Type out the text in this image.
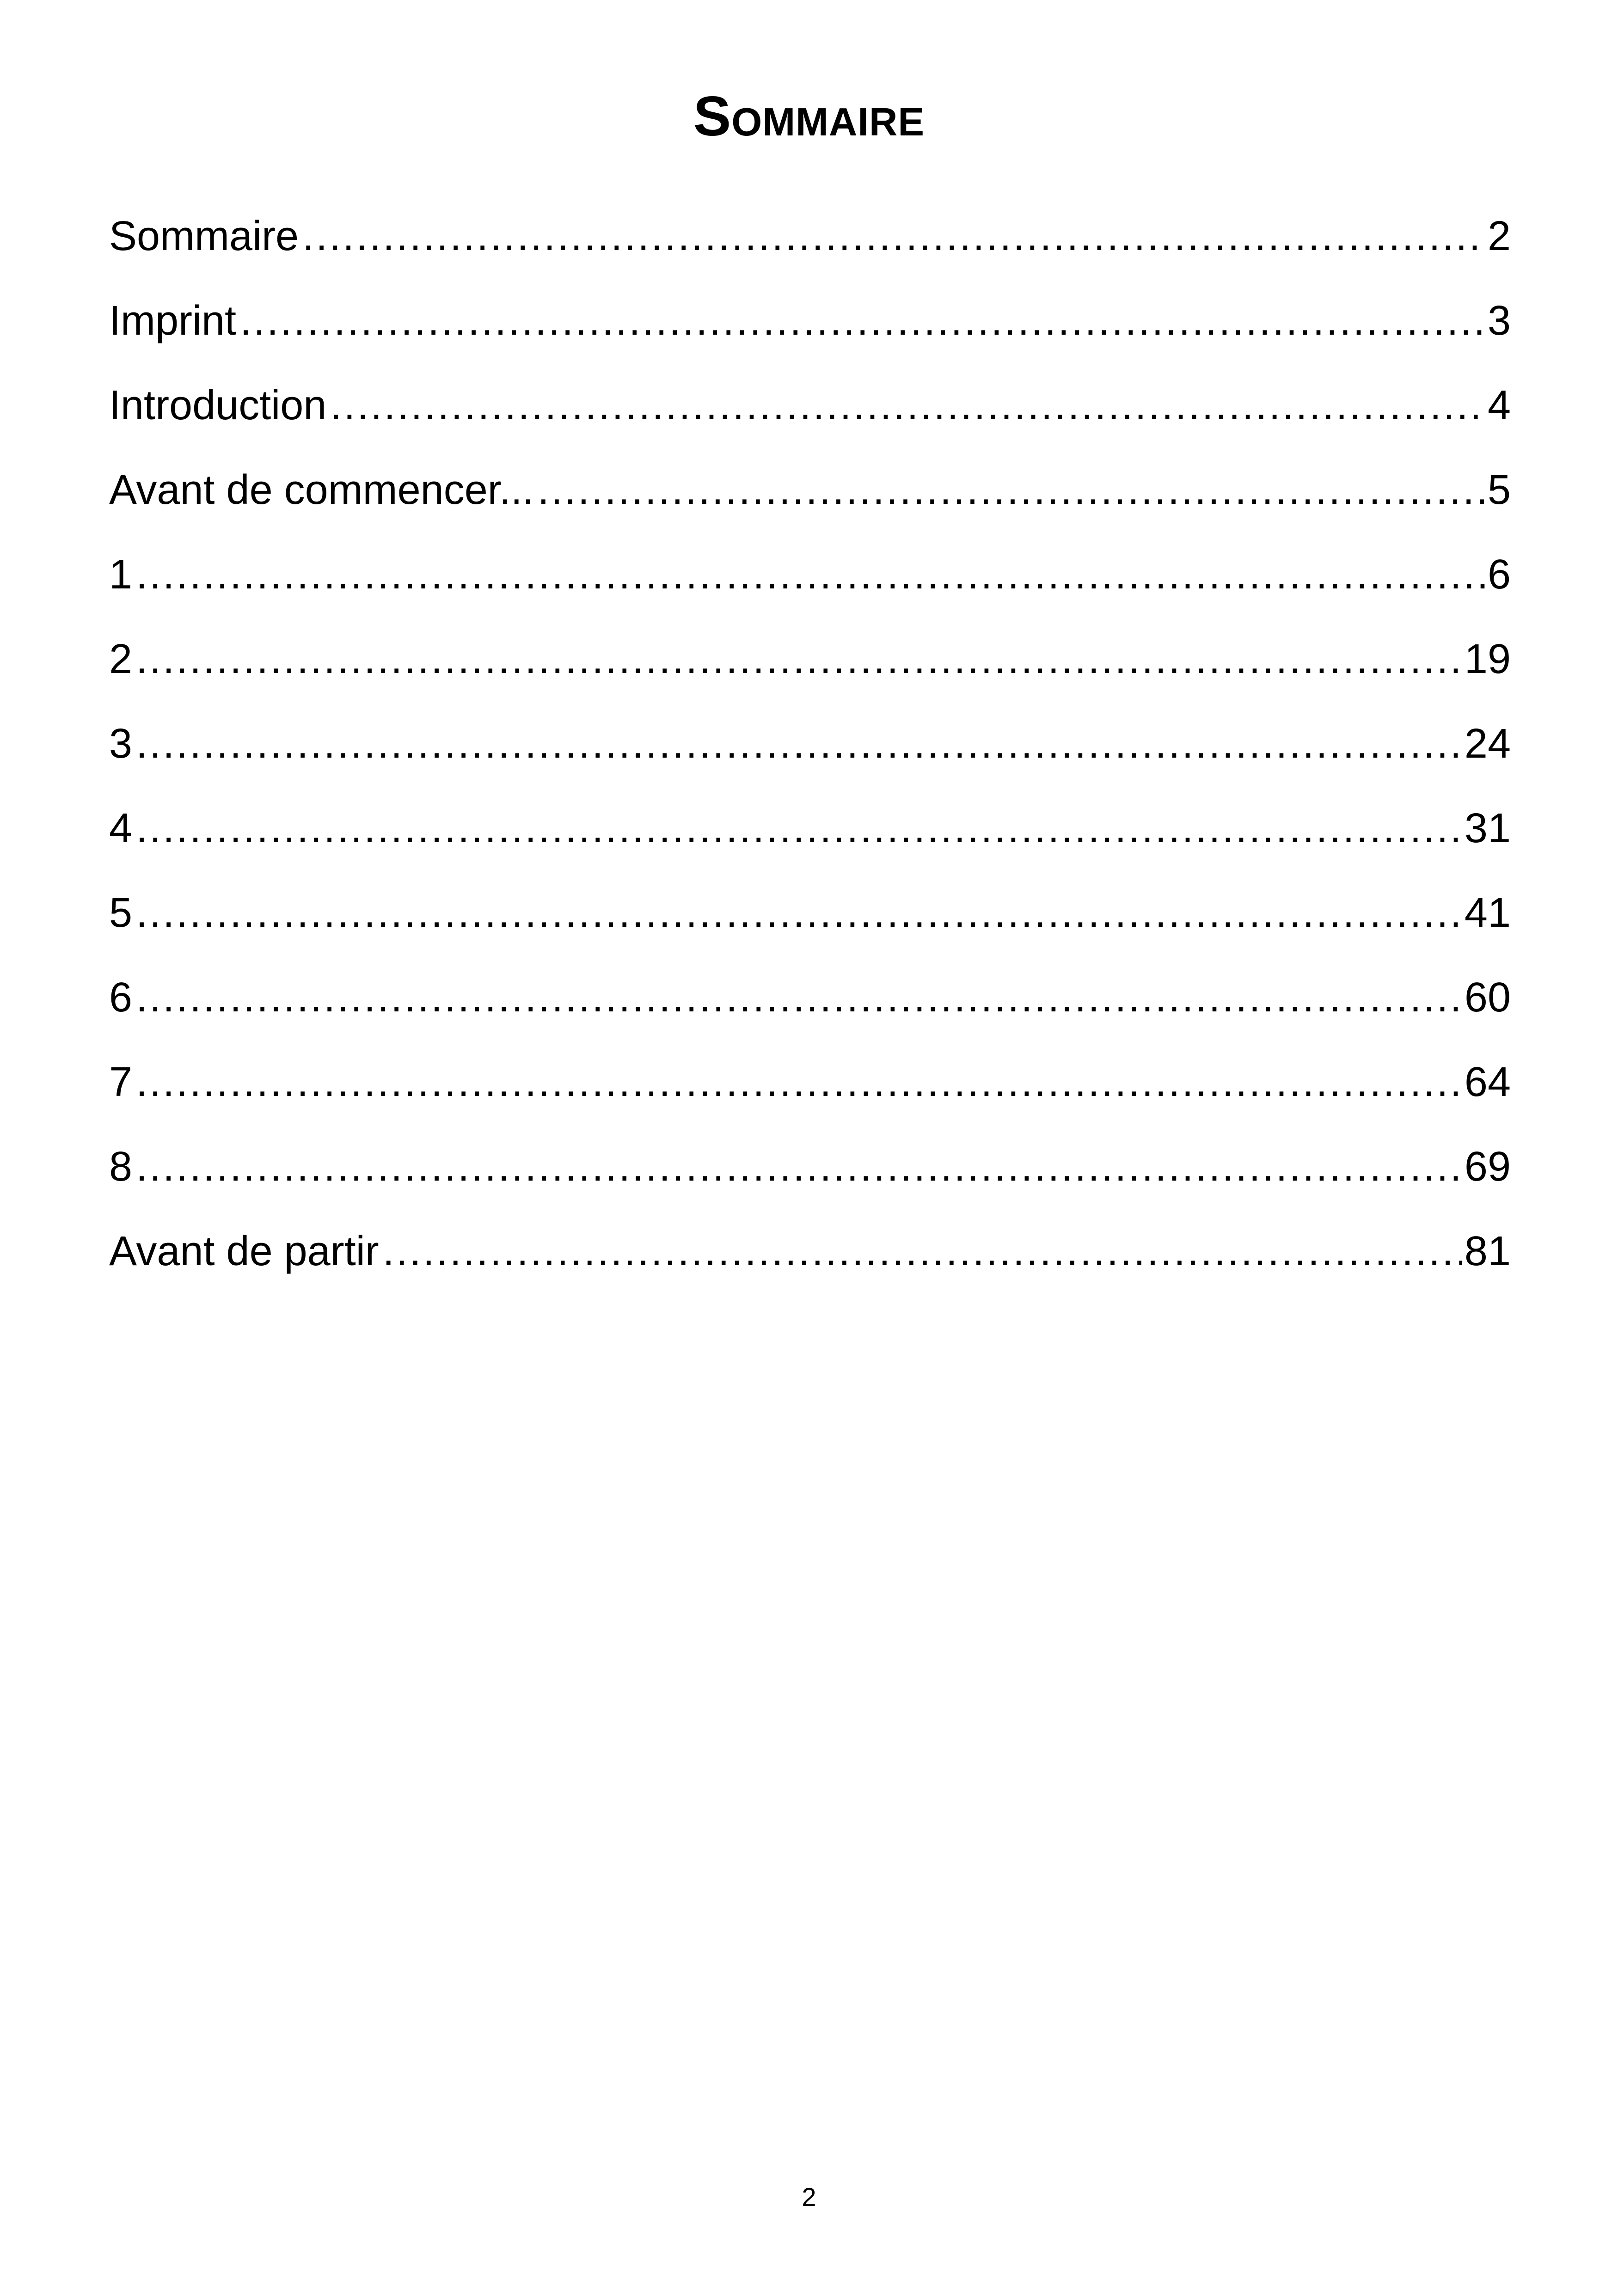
Sommaire
Sommaire .....	2
Imprint .....	3
Introduction .....	4
Avant de commencer... .....	5
1 .....	6
2 .....	19
3 .....	24
4 .....	31
5 .....	41
6 .....	60
7 .....	64
8 .....	69
Avant de partir .....	81
2
